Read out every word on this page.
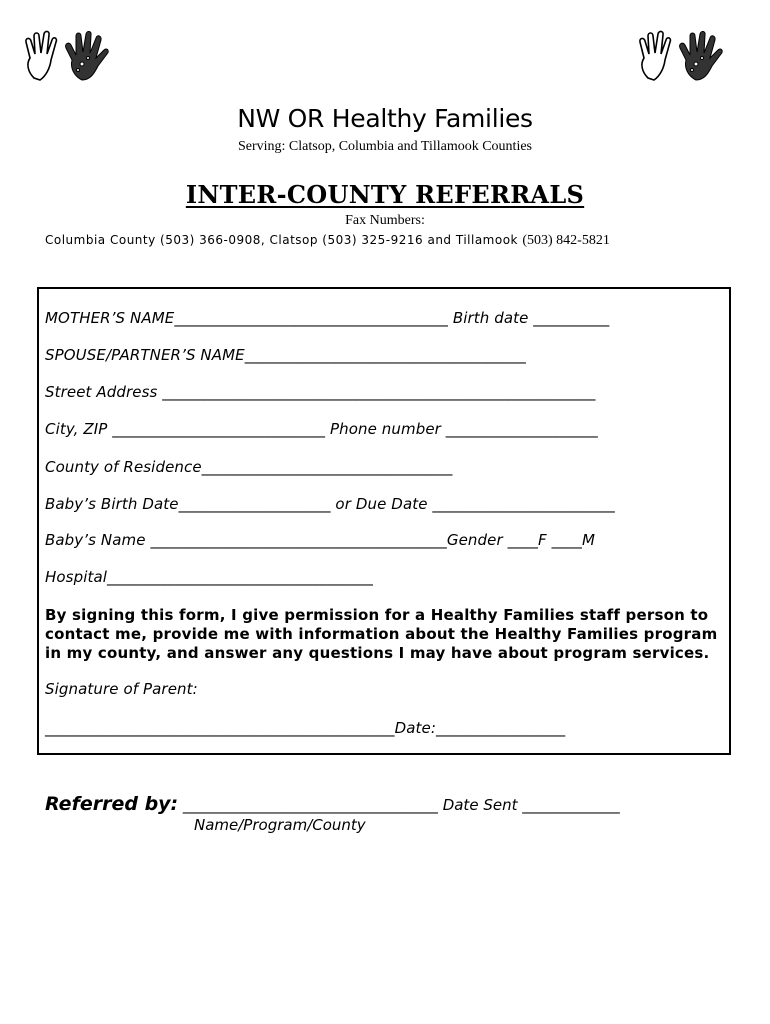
NW OR Healthy Families
Serving: Clatsop, Columbia and Tillamook Counties
INTER-COUNTY REFERRALS
Fax Numbers:
Columbia County (503) 366-0908, Clatsop (503) 325-9216 and Tillamook (503) 842-5821
MOTHER’S NAME____________________________________ Birth date __________
SPOUSE/PARTNER’S NAME_____________________________________
Street Address _________________________________________________________
City, ZIP ____________________________ Phone number ____________________
County of Residence_________________________________
Baby’s Birth Date____________________ or Due Date ________________________
Baby’s Name _______________________________________Gender ____F ____M
Hospital___________________________________
By signing this form, I give permission for a Healthy Families staff person to contact me, provide me with information about the Healthy Families program in my county, and answer any questions I may have about program services.
Signature of Parent:
______________________________________________Date:_________________
Referred by: __________________________________ Date Sent _____________
Name/Program/County
